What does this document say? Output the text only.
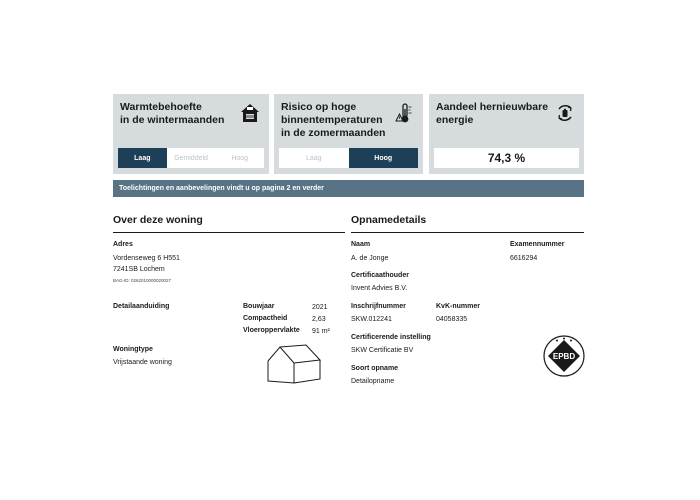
Warmtebehoefte
in de wintermaanden
Laag	Gemiddeld	Hoog
Risico op hoge
binnentemperaturen
in de zomermaanden
Laag	Hoog
Aandeel hernieuwbare
energie
74,3 %
Toelichtingen en aanbevelingen vindt u op pagina 2 en verder
Over deze woning
Adres
Vordenseweg 6 H551
7241SB Lochem
BAG-ID: 0262010000020027
Detailaanduiding	Bouwjaar	2021
Compactheid	2,63
Vloeroppervlakte 91 m²
Woningtype
Vrijstaande woning
Opnamedetails
Naam
A. de Jonge
Examennummer
6616294
Certificaathouder
Invent Advies B.V.
Inschrijfnummer
SKW.012241
KvK-nummer
04058335
Certificerende instelling
SKW Certificatie BV
Soort opname
Detailopname
EPBD
